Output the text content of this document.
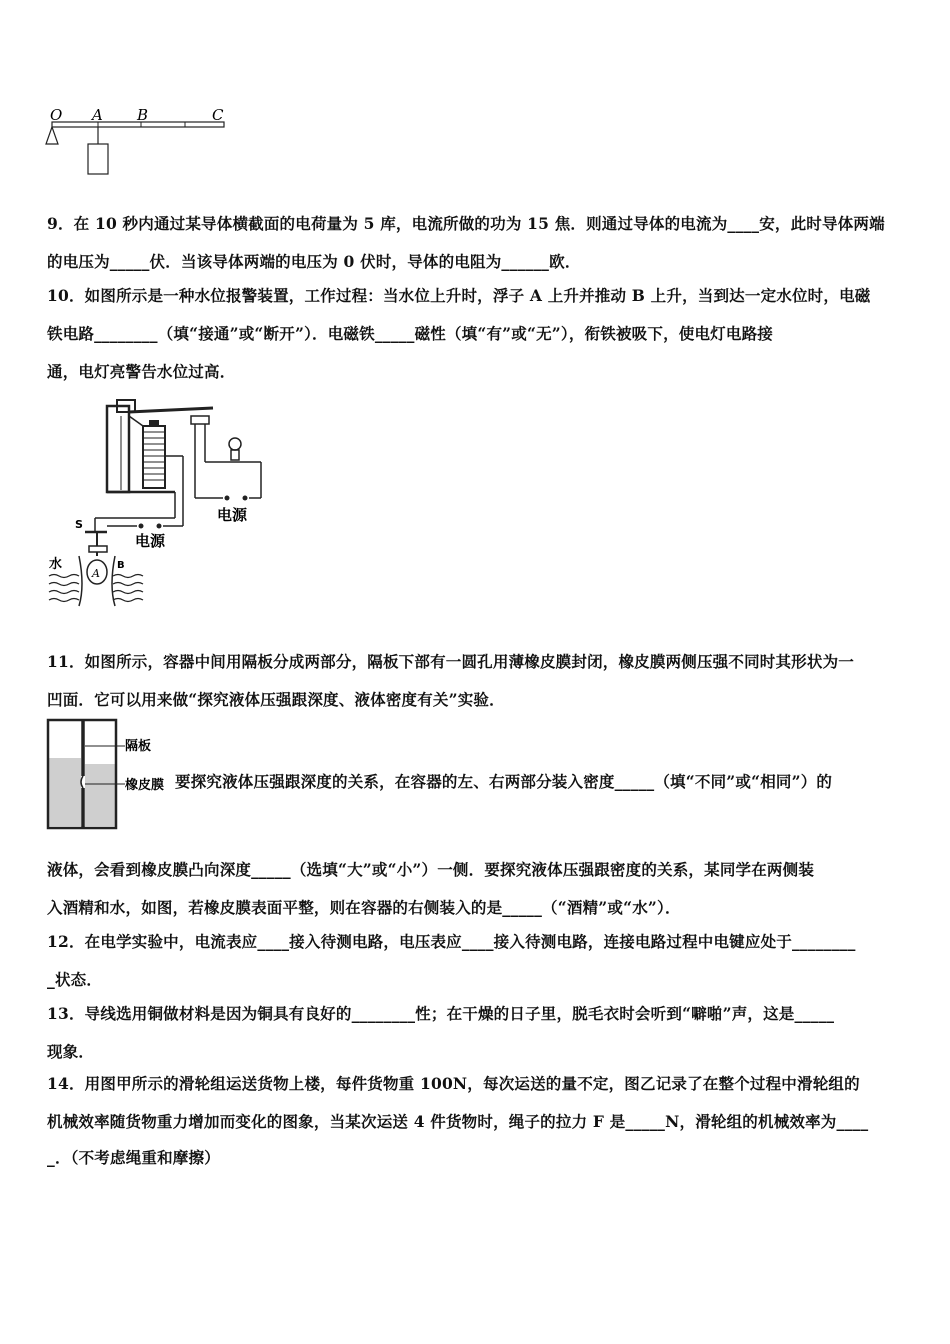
O A B	C
9．在 10 秒内通过某导体横截面的电荷量为 5 库，电流所做的功为 15 焦．则通过导体的电流为____安，此时导体两端
的电压为_____伏．当该导体两端的电压为 0 伏时，导体的电阻为______欧．
10．如图所示是一种水位报警装置，工作过程：当水位上升时，浮子 A 上升并推动 B 上升，当到达一定水位时，电磁
铁电路________（填“接通”或“断开”）．电磁铁_____磁性（填“有”或“无”），衔铁被吸下，使电灯电路接
通，电灯亮警告水位过高．
电源
电源
S
A
B
水
11．如图所示，容器中间用隔板分成两部分，隔板下部有一圆孔用薄橡皮膜封闭，橡皮膜两侧压强不同时其形状为一
凹面．它可以用来做“探究液体压强跟深度、液体密度有关”实验．
隔板
橡皮膜 要探究液体压强跟深度的关系，在容器的左、右两部分装入密度_____（填“不同”或“相同”）的
液体，会看到橡皮膜凸向深度_____（选填“大”或“小”）一侧．要探究液体压强跟密度的关系，某同学在两侧装
入酒精和水，如图，若橡皮膜表面平整，则在容器的右侧装入的是_____（“酒精”或“水”）．
12．在电学实验中，电流表应____接入待测电路，电压表应____接入待测电路，连接电路过程中电键应处于________
_状态．
13．导线选用铜做材料是因为铜具有良好的________性；在干燥的日子里，脱毛衣时会听到“噼啪”声，这是_____
现象．
14．用图甲所示的滑轮组运送货物上楼，每件货物重 100N，每次运送的量不定，图乙记录了在整个过程中滑轮组的
机械效率随货物重力增加而变化的图象，当某次运送 4 件货物时，绳子的拉力 F 是_____N，滑轮组的机械效率为____
_．（不考虑绳重和摩擦）
